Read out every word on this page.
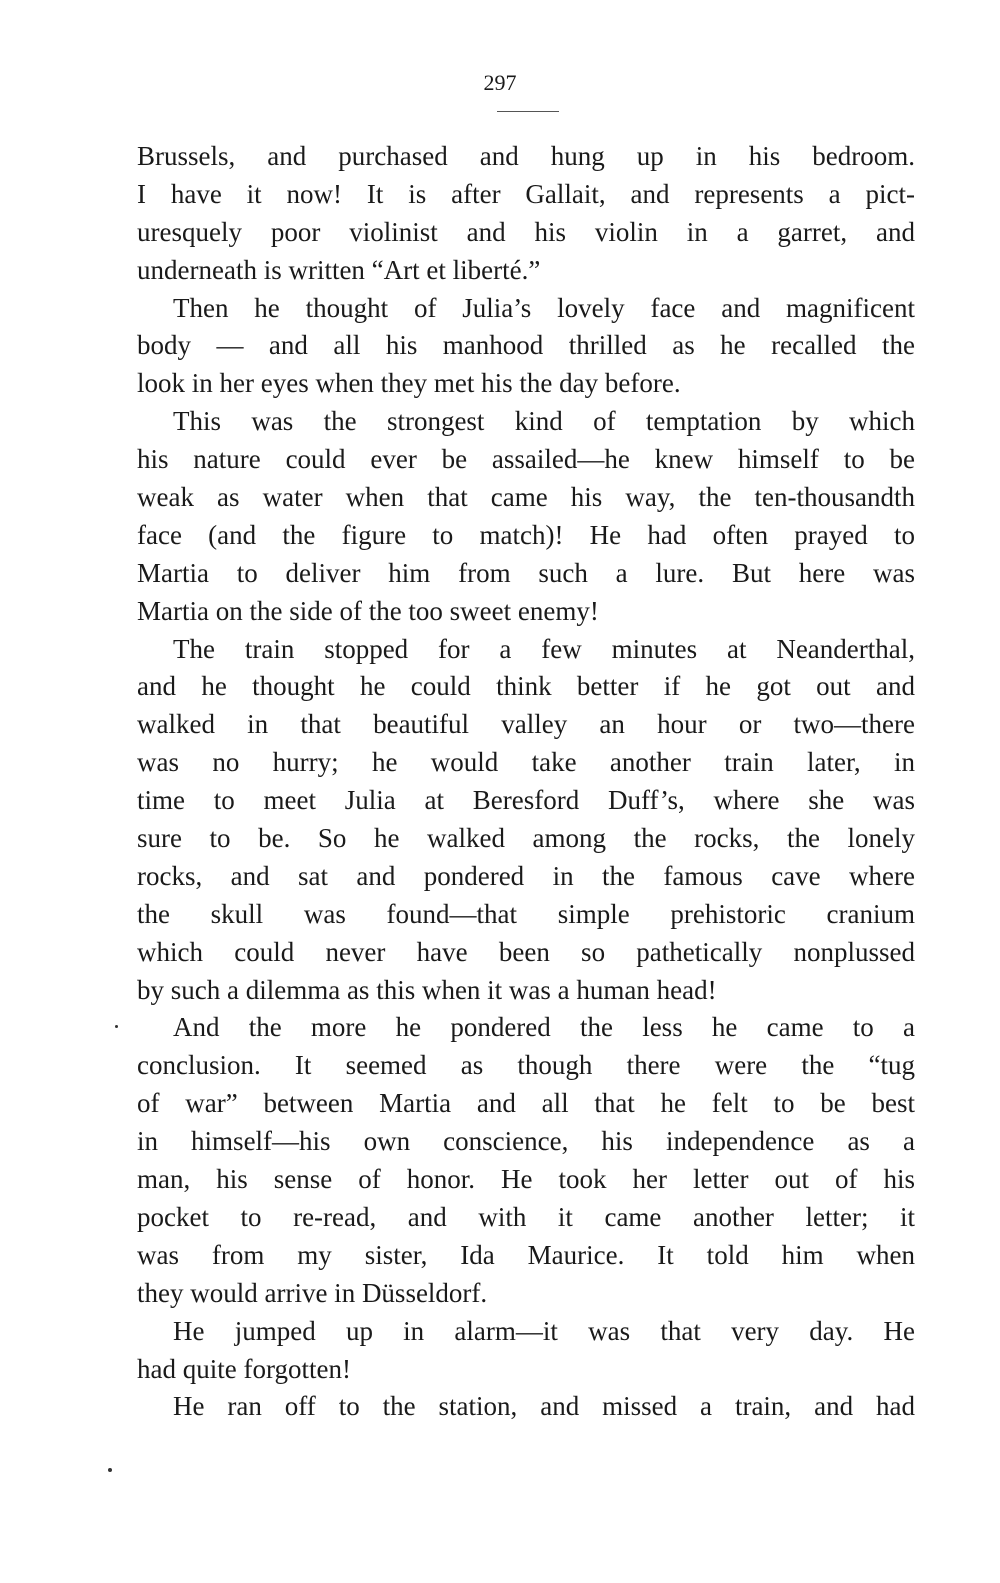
297
Brussels, and purchased and hung up in his bedroom.
I have it now! It is after Gallait, and represents a pict-
uresquely poor violinist and his violin in a garret, and
underneath is written “Art et liberté.”
Then he thought of Julia’s lovely face and magnificent
body — and all his manhood thrilled as he recalled the
look in her eyes when they met his the day before.
This was the strongest kind of temptation by which
his nature could ever be assailed—he knew himself to be
weak as water when that came his way, the ten-thousandth
face (and the figure to match)! He had often prayed to
Martia to deliver him from such a lure. But here was
Martia on the side of the too sweet enemy!
The train stopped for a few minutes at Neanderthal,
and he thought he could think better if he got out and
walked in that beautiful valley an hour or two—there
was no hurry; he would take another train later, in
time to meet Julia at Beresford Duff’s, where she was
sure to be. So he walked among the rocks, the lonely
rocks, and sat and pondered in the famous cave where
the skull was found—that simple prehistoric cranium
which could never have been so pathetically nonplussed
by such a dilemma as this when it was a human head!
And the more he pondered the less he came to a
conclusion. It seemed as though there were the “tug
of war” between Martia and all that he felt to be best
in himself—his own conscience, his independence as a
man, his sense of honor. He took her letter out of his
pocket to re-read, and with it came another letter; it
was from my sister, Ida Maurice. It told him when
they would arrive in Düsseldorf.
He jumped up in alarm—it was that very day. He
had quite forgotten!
He ran off to the station, and missed a train, and had
